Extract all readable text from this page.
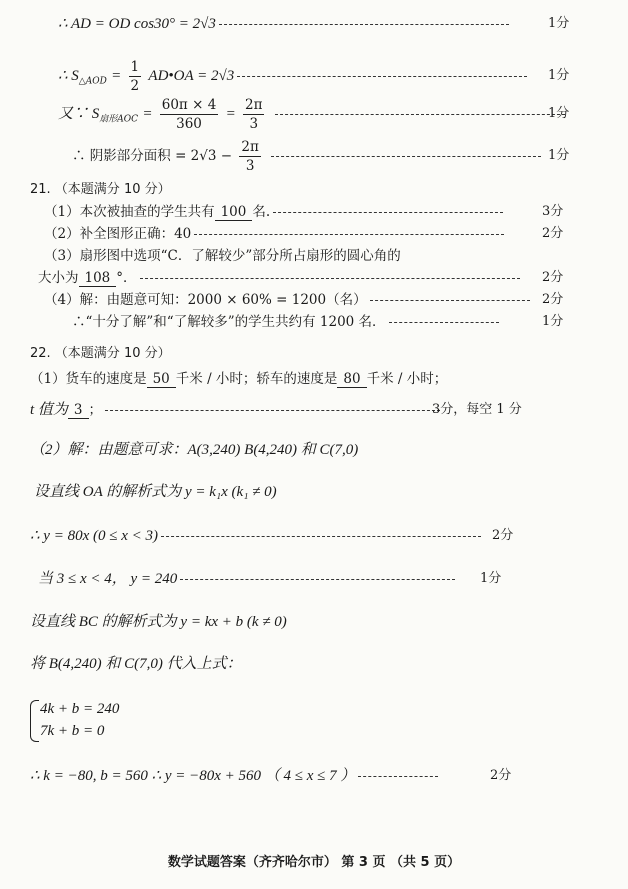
∴ AD = OD cos30° = 2√3	1分
∴ $S_{\triangle AOD} = \frac{1}{2}$ AD•OA = 2√3	1分
又∵ $S_{扇形AOC} = \frac{60\pi \times 4}{360} = \frac{2\pi}{3}$
	1分
∴ 阴影部分面积 = $2√3 - \frac{2\pi}{3}$
	1分
21. （本题满分 10 分）
（1）本次被抽查的学生共有 100 名.	3分
（2）补全图形正确：40	2分
（3）扇形图中选项“C．了解较少”部分所占扇形的圆心角的
大小为 108 °．	2分
（4）解：由题意可知：2000 × 60% = 1200（名）	2分
∴“十分了解”和“了解较多”的学生共约有 1200 名．	1分
22. （本题满分 10 分）
（1）货车的速度是 50 千米 / 小时；轿车的速度是 80 千米 / 小时；
t 值为 3 ；	3分，每空 1 分
（2）解：由题意可求：A(3,240) B(4,240) 和 C(7,0)
设直线 OA 的解析式为 y = k₁x (k₁ ≠ 0)
∴ y = 80x (0 ≤ x < 3)	2分
当 3 ≤ x < 4， y = 240	1分
设直线 BC 的解析式为 y = kx + b (k ≠ 0)
将 B(4,240) 和 C(7,0) 代入上式：
4k + b = 240
7k + b = 0
∴ k = −80, b = 560 ∴ y = −80x + 560 （ 4 ≤ x ≤ 7 ）	2分
数学试题答案（齐齐哈尔市） 第 3 页 （共 5 页）
